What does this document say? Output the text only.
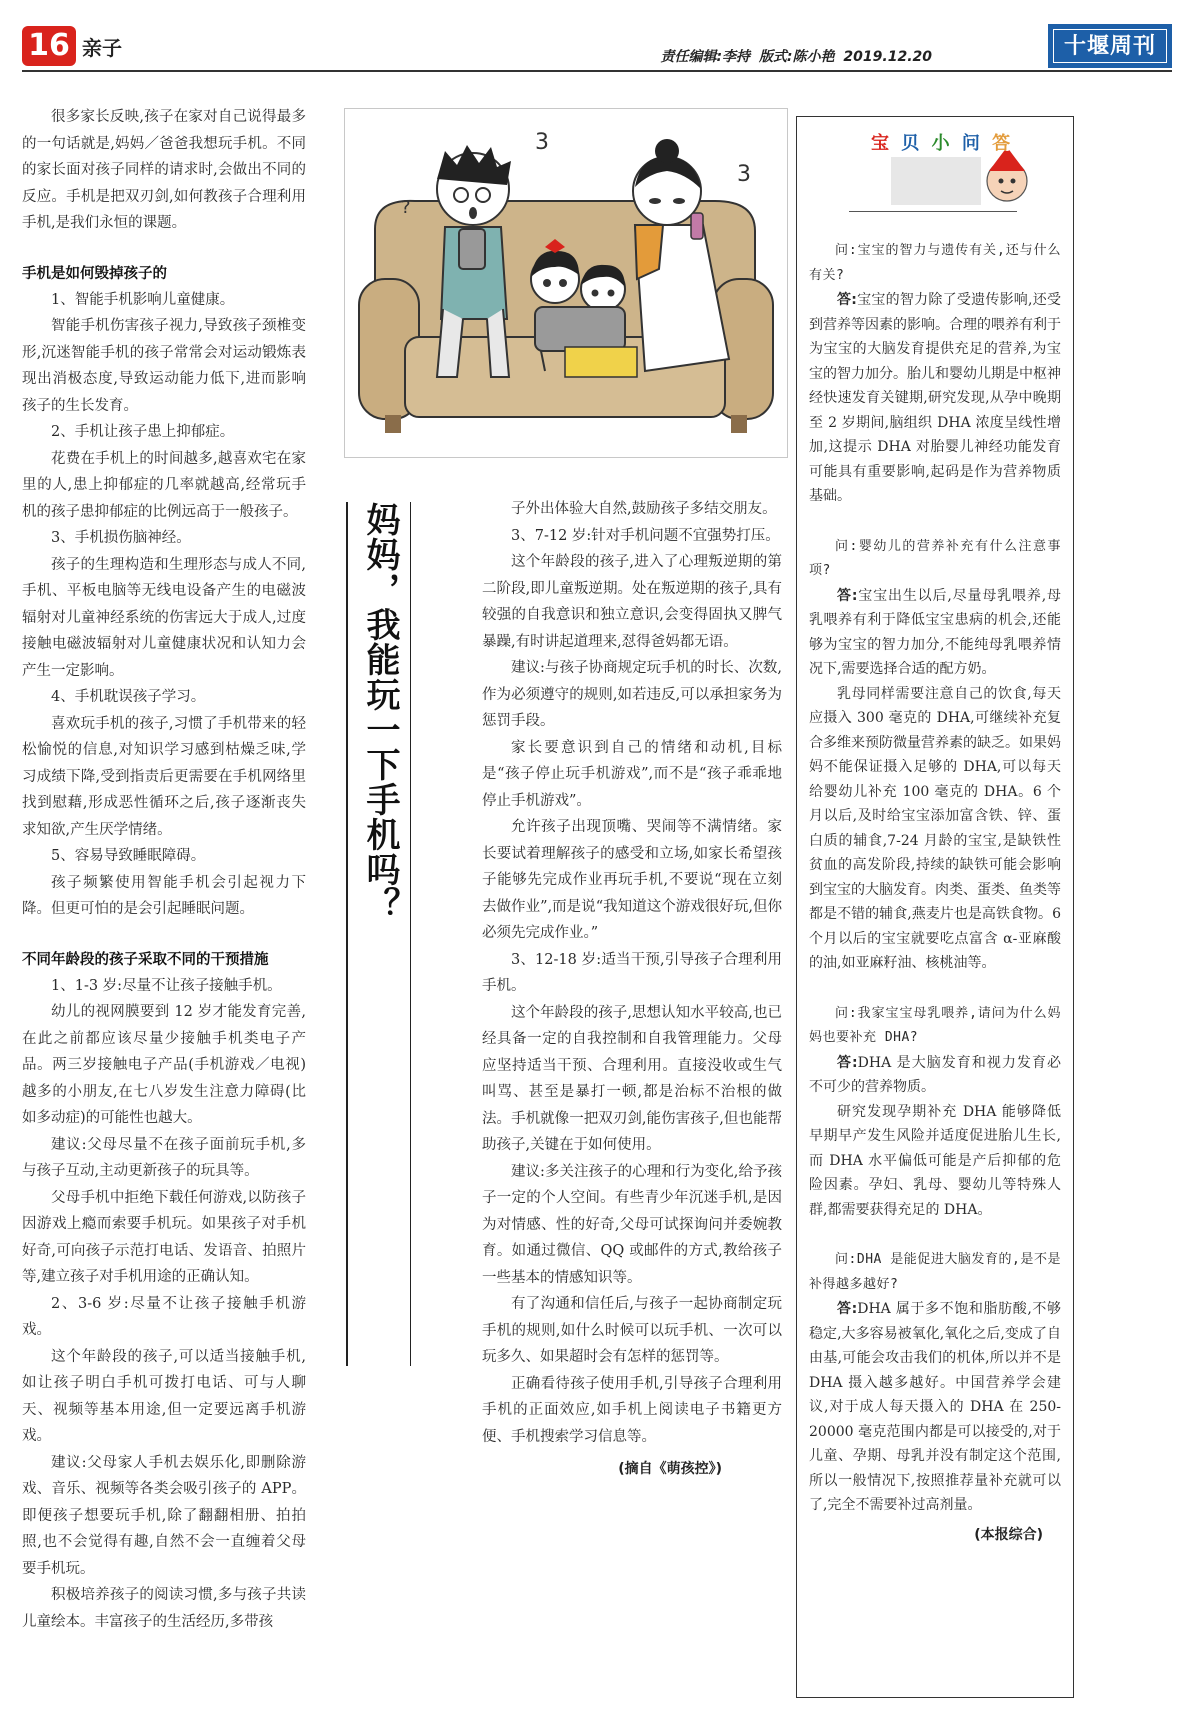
16 亲子	责任编辑:李持 版式:陈小艳 2019.12.20	十堰周刊

很多家长反映,孩子在家对自己说得最多的一句话就是,妈妈／爸爸我想玩手机。不同的家长面对孩子同样的请求时,会做出不同的反应。手机是把双刃剑,如何教孩子合理利用手机,是我们永恒的课题。

手机是如何毁掉孩子的

1、智能手机影响儿童健康。

智能手机伤害孩子视力,导致孩子颈椎变形,沉迷智能手机的孩子常常会对运动锻炼表现出消极态度,导致运动能力低下,进而影响孩子的生长发育。

2、手机让孩子患上抑郁症。

花费在手机上的时间越多,越喜欢宅在家里的人,患上抑郁症的几率就越高,经常玩手机的孩子患抑郁症的比例远高于一般孩子。

3、手机损伤脑神经。

孩子的生理构造和生理形态与成人不同,手机、平板电脑等无线电设备产生的电磁波辐射对儿童神经系统的伤害远大于成人,过度接触电磁波辐射对儿童健康状况和认知力会产生一定影响。

4、手机耽误孩子学习。

喜欢玩手机的孩子,习惯了手机带来的轻松愉悦的信息,对知识学习感到枯燥乏味,学习成绩下降,受到指责后更需要在手机网络里找到慰藉,形成恶性循环之后,孩子逐渐丧失求知欲,产生厌学情绪。

5、容易导致睡眠障碍。

孩子频繁使用智能手机会引起视力下降。但更可怕的是会引起睡眠问题。

不同年龄段的孩子采取不同的干预措施

1、1-3 岁:尽量不让孩子接触手机。

幼儿的视网膜要到 12 岁才能发育完善,在此之前都应该尽量少接触手机类电子产品。两三岁接触电子产品(手机游戏／电视)越多的小朋友,在七八岁发生注意力障碍(比如多动症)的可能性也越大。

建议:父母尽量不在孩子面前玩手机,多与孩子互动,主动更新孩子的玩具等。

父母手机中拒绝下载任何游戏,以防孩子因游戏上瘾而索要手机玩。如果孩子对手机好奇,可向孩子示范打电话、发语音、拍照片等,建立孩子对手机用途的正确认知。

2、3-6 岁:尽量不让孩子接触手机游戏。

这个年龄段的孩子,可以适当接触手机,如让孩子明白手机可拨打电话、可与人聊天、视频等基本用途,但一定要远离手机游戏。

建议:父母家人手机去娱乐化,即删除游戏、音乐、视频等各类会吸引孩子的 APP。即便孩子想要玩手机,除了翻翻相册、拍拍照,也不会觉得有趣,自然不会一直缠着父母要手机玩。

积极培养孩子的阅读习惯,多与孩子共读儿童绘本。丰富孩子的生活经历,多带孩

3
3
?
妈妈，我能玩一下手机吗？	子外出体验大自然,鼓励孩子多结交朋友。

3、7-12 岁:针对手机问题不宜强势打压。

这个年龄段的孩子,进入了心理叛逆期的第二阶段,即儿童叛逆期。处在叛逆期的孩子,具有较强的自我意识和独立意识,会变得固执又脾气暴躁,有时讲起道理来,怼得爸妈都无语。

建议:与孩子协商规定玩手机的时长、次数,作为必须遵守的规则,如若违反,可以承担家务为惩罚手段。

家长要意识到自己的情绪和动机,目标是“孩子停止玩手机游戏”,而不是“孩子乖乖地停止手机游戏”。

允许孩子出现顶嘴、哭闹等不满情绪。家长要试着理解孩子的感受和立场,如家长希望孩子能够先完成作业再玩手机,不要说“现在立刻去做作业”,而是说“我知道这个游戏很好玩,但你必须先完成作业。”

3、12-18 岁:适当干预,引导孩子合理利用手机。

这个年龄段的孩子,思想认知水平较高,也已经具备一定的自我控制和自我管理能力。父母应坚持适当干预、合理利用。直接没收或生气叫骂、甚至是暴打一顿,都是治标不治根的做法。手机就像一把双刃剑,能伤害孩子,但也能帮助孩子,关键在于如何使用。

建议:多关注孩子的心理和行为变化,给予孩子一定的个人空间。有些青少年沉迷手机,是因为对情感、性的好奇,父母可试探询问并委婉教育。如通过微信、QQ 或邮件的方式,教给孩子一些基本的情感知识等。

有了沟通和信任后,与孩子一起协商制定玩手机的规则,如什么时候可以玩手机、一次可以玩多久、如果超时会有怎样的惩罚等。

正确看待孩子使用手机,引导孩子合理利用手机的正面效应,如手机上阅读电子书籍更方便、手机搜索学习信息等。

(摘自《萌孩控》)
宝 贝 小 问 答

问:宝宝的智力与遗传有关,还与什么有关?

答:宝宝的智力除了受遗传影响,还受到营养等因素的影响。合理的喂养有利于为宝宝的大脑发育提供充足的营养,为宝宝的智力加分。胎儿和婴幼儿期是中枢神经快速发育关键期,研究发现,从孕中晚期至 2 岁期间,脑组织 DHA 浓度呈线性增加,这提示 DHA 对胎婴儿神经功能发育可能具有重要影响,起码是作为营养物质基础。

问:婴幼儿的营养补充有什么注意事项?

答:宝宝出生以后,尽量母乳喂养,母乳喂养有利于降低宝宝患病的机会,还能够为宝宝的智力加分,不能纯母乳喂养情况下,需要选择合适的配方奶。

乳母同样需要注意自己的饮食,每天应摄入 300 毫克的 DHA,可继续补充复合多维来预防微量营养素的缺乏。如果妈妈不能保证摄入足够的 DHA,可以每天给婴幼儿补充 100 毫克的 DHA。6 个月以后,及时给宝宝添加富含铁、锌、蛋白质的辅食,7-24 月龄的宝宝,是缺铁性贫血的高发阶段,持续的缺铁可能会影响到宝宝的大脑发育。肉类、蛋类、鱼类等都是不错的辅食,燕麦片也是高铁食物。6 个月以后的宝宝就要吃点富含 α-亚麻酸的油,如亚麻籽油、核桃油等。

问:我家宝宝母乳喂养,请问为什么妈妈也要补充 DHA?

答:DHA 是大脑发育和视力发育必不可少的营养物质。

研究发现孕期补充 DHA 能够降低早期早产发生风险并适度促进胎儿生长,而 DHA 水平偏低可能是产后抑郁的危险因素。孕妇、乳母、婴幼儿等特殊人群,都需要获得充足的 DHA。

问:DHA 是能促进大脑发育的,是不是补得越多越好?

答:DHA 属于多不饱和脂肪酸,不够稳定,大多容易被氧化,氧化之后,变成了自由基,可能会攻击我们的机体,所以并不是 DHA 摄入越多越好。中国营养学会建议,对于成人每天摄入的 DHA 在 250-20000 毫克范围内都是可以接受的,对于儿童、孕期、母乳并没有制定这个范围,所以一般情况下,按照推荐量补充就可以了,完全不需要补过高剂量。

(本报综合)
